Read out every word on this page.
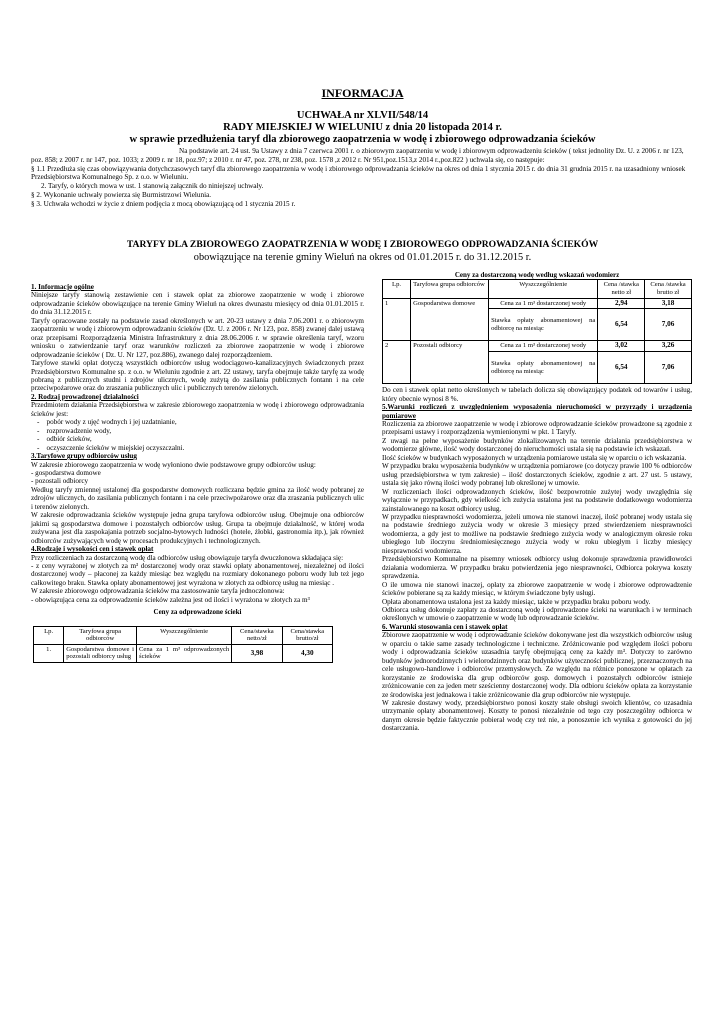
INFORMACJA
UCHWAŁA nr XLVII/548/14
RADY MIEJSKIEJ W WIELUNIU z dnia 20 listopada 2014 r.
w sprawie przedłużenia taryf dla zbiorowego zaopatrzenia w wodę i zbiorowego odprowadzania ścieków

Na podstawie art. 24 ust. 9a Ustawy z dnia 7 czerwca 2001 r. o zbiorowym zaopatrzeniu w wodę i zbiorowym odprowadzeniu ścieków ( tekst jednolity Dz. U. z 2006 r. nr 123, poz. 858; z 2007 r. nr 147, poz. 1033; z 2009 r. nr 18, poz.97; z 2010 r. nr 47, poz. 278, nr 238, poz. 1578 ,z 2012 r. Nr 951,poz.1513,z 2014 r.,poz.822 ) uchwala się, co następuje:

§ 1.1 Przedłuża się czas obowiązywania dotychczasowych taryf dla zbiorowego zaopatrzenia w wodę i zbiorowego odprowadzania ścieków na okres od dnia 1 stycznia 2015 r. do dnia 31 grudnia 2015 r. na uzasadniony wniosek Przedsiębiorstwa Komunalnego Sp. z o.o. w Wieluniu.

2. Taryfy, o których mowa w ust. 1 stanowią załącznik do niniejszej uchwały.

§ 2. Wykonanie uchwały powierza się Burmistrzowi Wielunia.

§ 3. Uchwała wchodzi w życie z dniem podjęcia z mocą obowiązującą od 1 stycznia 2015 r.

TARYFY DLA ZBIOROWEGO ZAOPATRZENIA W WODĘ I ZBIOROWEGO ODPROWADZANIA ŚCIEKÓW
obowiązujące na terenie gminy Wieluń na okres od 01.01.2015 r. do 31.12.2015 r.

1. Informacje ogólne

Niniejsze taryfy stanowią zestawienie cen i stawek opłat za zbiorowe zaopatrzenie w wodę i zbiorowe odprowadzanie ścieków obowiązujące na terenie Gminy Wieluń na okres dwunastu miesięcy od dnia 01.01.2015 r. do dnia 31.12.2015 r.

Taryfy opracowane zostały na podstawie zasad określonych w art. 20-23 ustawy z dnia 7.06.2001 r. o zbiorowym zaopatrzeniu w wodę i zbiorowym odprowadzaniu ścieków (Dz. U. z 2006 r. Nr 123, poz. 858) zwanej dalej ustawą oraz przepisami Rozporządzenia Ministra Infrastruktury z dnia 28.06.2006 r. w sprawie określenia taryf, wzoru wniosku o zatwierdzanie taryf oraz warunków rozliczeń za zbiorowe zaopatrzenie w wodę i zbiorowe odprowadzanie ścieków ( Dz. U. Nr 127, poz.886), zwanego dalej rozporządzeniem.

Taryfowe stawki opłat dotyczą wszystkich odbiorców usług wodociągowo-kanalizacyjnych świadczonych przez Przedsiębiorstwo Komunalne sp. z o.o. w Wieluniu zgodnie z art. 22 ustawy, taryfa obejmuje także taryfę za wodę pobraną z publicznych studni i zdrojów ulicznych, wodę zużytą do zasilania publicznych fontann i na cele przeciwpożarowe oraz do zraszania publicznych ulic i publicznych terenów zielonych.

2. Rodzaj prowadzonej działalności

Przedmiotem działania Przedsiębiorstwa w zakresie zbiorowego zaopatrzenia w wodę i zbiorowego odprowadzania ścieków jest:

-    pobór wody z ujęć wodnych i jej uzdatnianie,

-    rozprowadzenie wody,

-    odbiór ścieków,

-    oczyszczenie ścieków w miejskiej oczyszczalni.

3.Taryfowe grupy odbiorców usług

W zakresie zbiorowego zaopatrzenia w wodę wyłoniono dwie podstawowe grupy odbiorców usług:

- gospodarstwa domowe

- pozostali odbiorcy

Według taryfy zmiennej ustalonej dla gospodarstw domowych rozliczana będzie gmina za ilość wody pobranej ze zdrojów ulicznych, do zasilania publicznych fontann i na cele przeciwpożarowe oraz dla zraszania publicznych ulic i terenów zielonych.

W zakresie odprowadzania ścieków występuje jedna grupa taryfowa odbiorców usług. Obejmuje ona odbiorców jakimi są gospodarstwa domowe i pozostałych odbiorców usług. Grupa ta obejmuje działalność, w której woda zużywana jest dla zaspokajania potrzeb socjalno-bytowych ludności (hotele, żłobki, gastronomia itp.), jak również odbiorców zużywających wodę w procesach produkcyjnych i technologicznych.

4.Rodzaje i wysokości cen i stawek opłat

Przy rozliczeniach za dostarczoną wodę dla odbiorców usług obowiązuje taryfa dwuczłonowa składająca się:

- z ceny wyrażonej w złotych za m³ dostarczonej wody oraz stawki opłaty abonamentowej, niezależnej od ilości dostarczonej wody – płaconej za każdy miesiąc bez względu na rozmiary dokonanego poboru wody lub też jego całkowitego braku. Stawka opłaty abonamentowej jest wyrażona w złotych za odbiorcę usług na miesiąc .

W zakresie zbiorowego odprowadzania ścieków ma zastosowanie taryfa jednoczłonowa:

- obowiązująca cena za odprowadzenie ścieków zależna jest od ilości i wyrażona w złotych za m³

Ceny za odprowadzone ścieki

Lp.	Taryfowa grupa odbiorców	Wyszczególnienie	Cena/stawka netto/zł	Cena/stawka brutto/zł
1.	Gospodarstwa domowe i pozostali odbiorcy usług	Cena za 1 m³ odprowadzonych ścieków	3,98	4,30

Ceny za dostarczoną wodę według wskazań wodomierz

Lp.	Taryfowa grupa odbiorców	Wyszczególnienie	Cena /stawka netto zł	Cena /stawka brutto zł
1	Gospodarstwa domowe	Cena za 1 m³ dostarczonej wody	2,94	3,18
		Stawka opłaty abonamentowej na odbiorcę na miesiąc	6,54	7,06
2	Pozostali odbiorcy	Cena za 1 m³ dostarczonej wody	3,02	3,26
		Stawka opłaty abonamentowej na odbiorcę na miesiąc	6,54	7,06

Do cen i stawek opłat netto określonych w tabelach dolicza się obowiązujący podatek od towarów i usług, który obecnie wynosi 8 %.

5.Warunki rozliczeń z uwzględnieniem wyposażenia nieruchomości w przyrządy i urządzenia pomiarowe

Rozliczenia za zbiorowe zaopatrzenie w wodę i zbiorowe odprowadzanie ścieków prowadzone są zgodnie z przepisami ustawy i rozporządzenia wymienionymi w pkt. 1 Taryfy.

Z uwagi na pełne wyposażenie budynków zlokalizowanych na terenie działania przedsiębiorstwa w wodomierze główne, ilość wody dostarczonej do nieruchomości ustala się na podstawie ich wskazań.

Ilość ścieków w budynkach wyposażonych w urządzenia pomiarowe ustala się w oparciu o ich wskazania.

W przypadku braku wyposażenia budynków w urządzenia pomiarowe (co dotyczy prawie 100 % odbiorców usług przedsiębiorstwa w tym zakresie) – ilość dostarczonych ścieków, zgodnie z art. 27 ust. 5 ustawy, ustala się jako równą ilości wody pobranej lub określonej w umowie.

W rozliczeniach ilości odprowadzonych ścieków, ilość bezpowrotnie zużytej wody uwzględnia się wyłącznie w przypadkach, gdy wielkość ich zużycia ustalona jest na podstawie dodatkowego wodomierza zainstalowanego na koszt odbiorcy usług.

W przypadku niesprawności wodomierza, jeżeli umowa nie stanowi inaczej, ilość pobranej wody ustala się na podstawie średniego zużycia wody w okresie 3 miesięcy przed stwierdzeniem niesprawności wodomierza, a gdy jest to możliwe na podstawie średniego zużycia wody w analogicznym okresie roku ubiegłego lub iloczynu średniomiesięcznego zużycia wody w roku ubiegłym i liczby miesięcy niesprawności wodomierza.

Przedsiębiorstwo Komunalne na pisemny wniosek odbiorcy usług dokonuje sprawdzenia prawidłowości działania wodomierza. W przypadku braku potwierdzenia jego niesprawności, Odbiorca pokrywa koszty sprawdzenia.

O ile umowa nie stanowi inaczej, opłaty za zbiorowe zaopatrzenie w wodę i zbiorowe odprowadzenie ścieków pobierane są za każdy miesiąc, w którym świadczone były usługi.

Opłata abonamentowa ustalona jest za każdy miesiąc, także w przypadku braku poboru wody.

Odbiorca usług dokonuje zapłaty za dostarczoną wodę i odprowadzone ścieki na warunkach i w terminach określonych w umowie o zaopatrzenie w wodę lub odprowadzanie ścieków.

6. Warunki stosowania cen i stawek opłat

Zbiorowe zaopatrzenie w wodę i odprowadzanie ścieków dokonywane jest dla wszystkich odbiorców usług w oparciu o takie same zasady technologiczne i techniczne. Zróżnicowanie pod względem ilości poboru wody i odprowadzania ścieków uzasadnia taryfę obejmującą cenę za każdy m³. Dotyczy to zarówno budynków jednorodzinnych i wielorodzinnych oraz budynków użyteczności publicznej, przeznaczonych na cele usługowo-handlowe i odbiorców przemysłowych. Ze względu na różnice ponoszone w opłatach za korzystanie ze środowiska dla grup odbiorców gosp. domowych i pozostałych odbiorców istnieje zróżnicowanie cen za jeden metr sześcienny dostarczonej wody. Dla odbioru ścieków opłata za korzystanie ze środowiska jest jednakowa i takie zróżnicowanie dla grup odbiorców nie występuje.

W zakresie dostawy wody, przedsiębiorstwo ponosi koszty stałe obsługi swoich klientów, co uzasadnia utrzymanie opłaty abonamentowej. Koszty te ponosi niezależnie od tego czy poszczególny odbiorca w danym okresie będzie faktycznie pobierał wodę czy też nie, a ponoszenie ich wynika z gotowości do jej dostarczania.
